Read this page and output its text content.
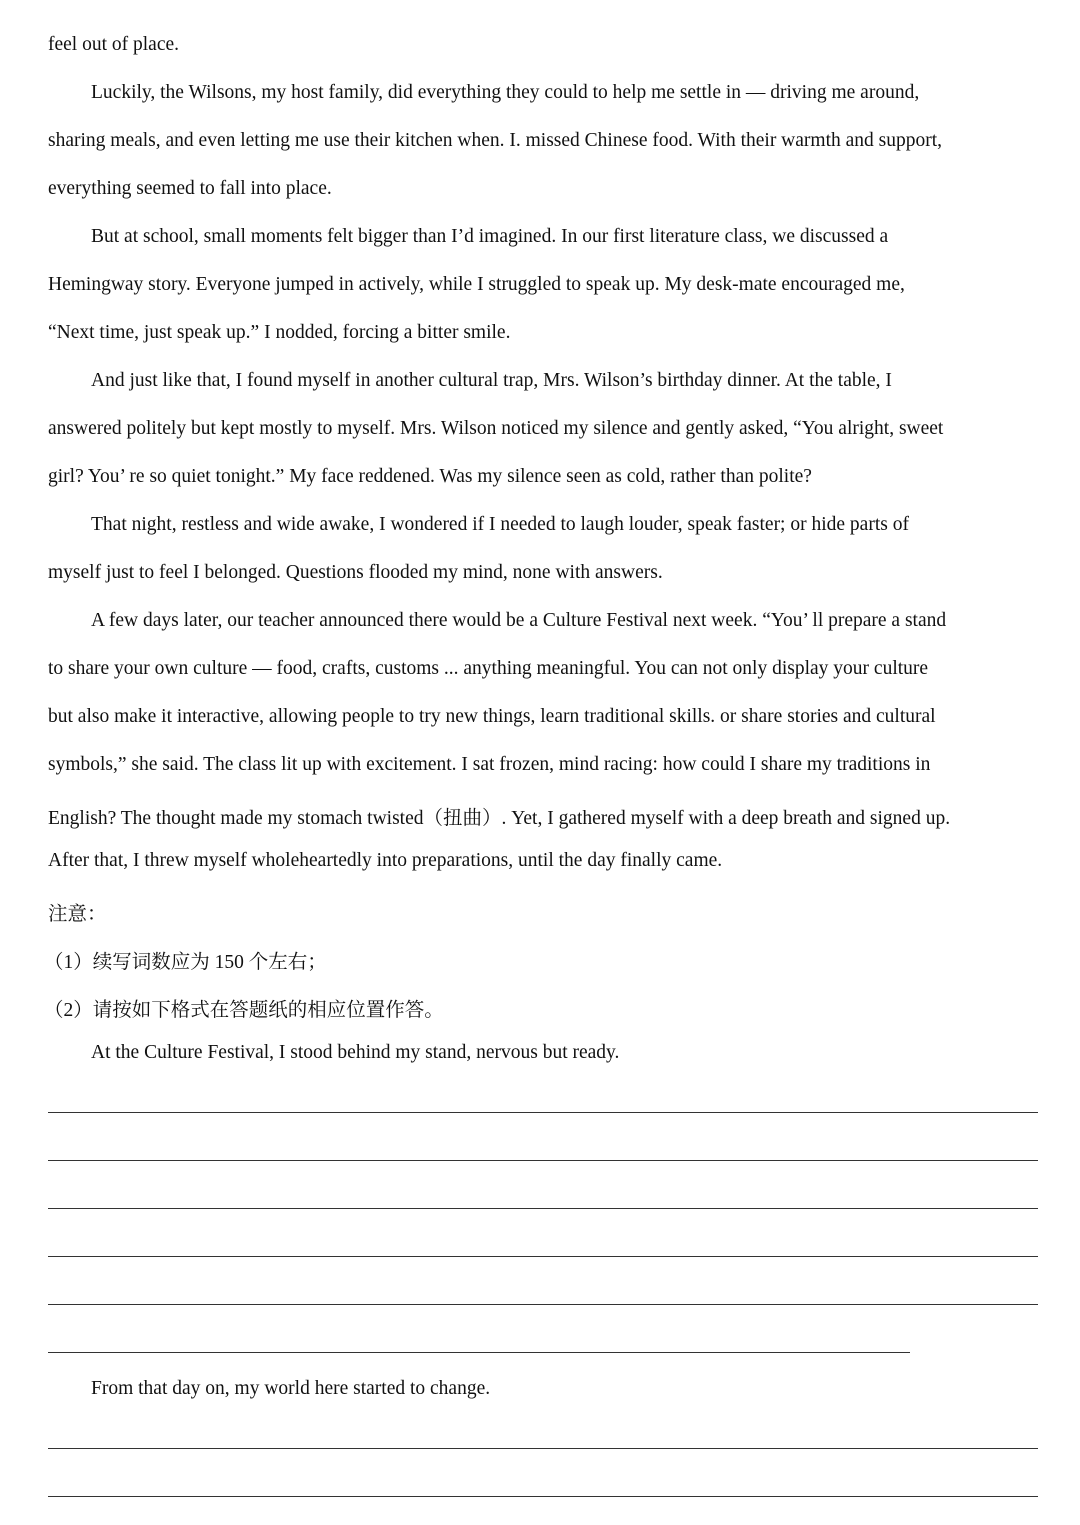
feel out of place.
Luckily, the Wilsons, my host family, did everything they could to help me settle in — driving me around,
sharing meals, and even letting me use their kitchen when. I. missed Chinese food. With their warmth and support,
everything seemed to fall into place.
But at school, small moments felt bigger than I’d imagined. In our first literature class, we discussed a
Hemingway story. Everyone jumped in actively, while I struggled to speak up. My desk-mate encouraged me,
“Next time, just speak up.” I nodded, forcing a bitter smile.
And just like that, I found myself in another cultural trap, Mrs. Wilson’s birthday dinner. At the table, I
answered politely but kept mostly to myself. Mrs. Wilson noticed my silence and gently asked, “You alright, sweet
girl? You’ re so quiet tonight.” My face reddened. Was my silence seen as cold, rather than polite?
That night, restless and wide awake, I wondered if I needed to laugh louder, speak faster; or hide parts of
myself just to feel I belonged. Questions flooded my mind, none with answers.
A few days later, our teacher announced there would be a Culture Festival next week. “You’ ll prepare a stand
to share your own culture — food, crafts, customs ... anything meaningful. You can not only display your culture
but also make it interactive, allowing people to try new things, learn traditional skills. or share stories and cultural
symbols,” she said. The class lit up with excitement. I sat frozen, mind racing: how could I share my traditions in
English? The thought made my stomach twisted（扭曲）. Yet, I gathered myself with a deep breath and signed up.
After that, I threw myself wholeheartedly into preparations, until the day finally came.
注意：
（1）续写词数应为 150 个左右；
（2）请按如下格式在答题纸的相应位置作答。
At the Culture Festival, I stood behind my stand, nervous but ready.
From that day on, my world here started to change.
